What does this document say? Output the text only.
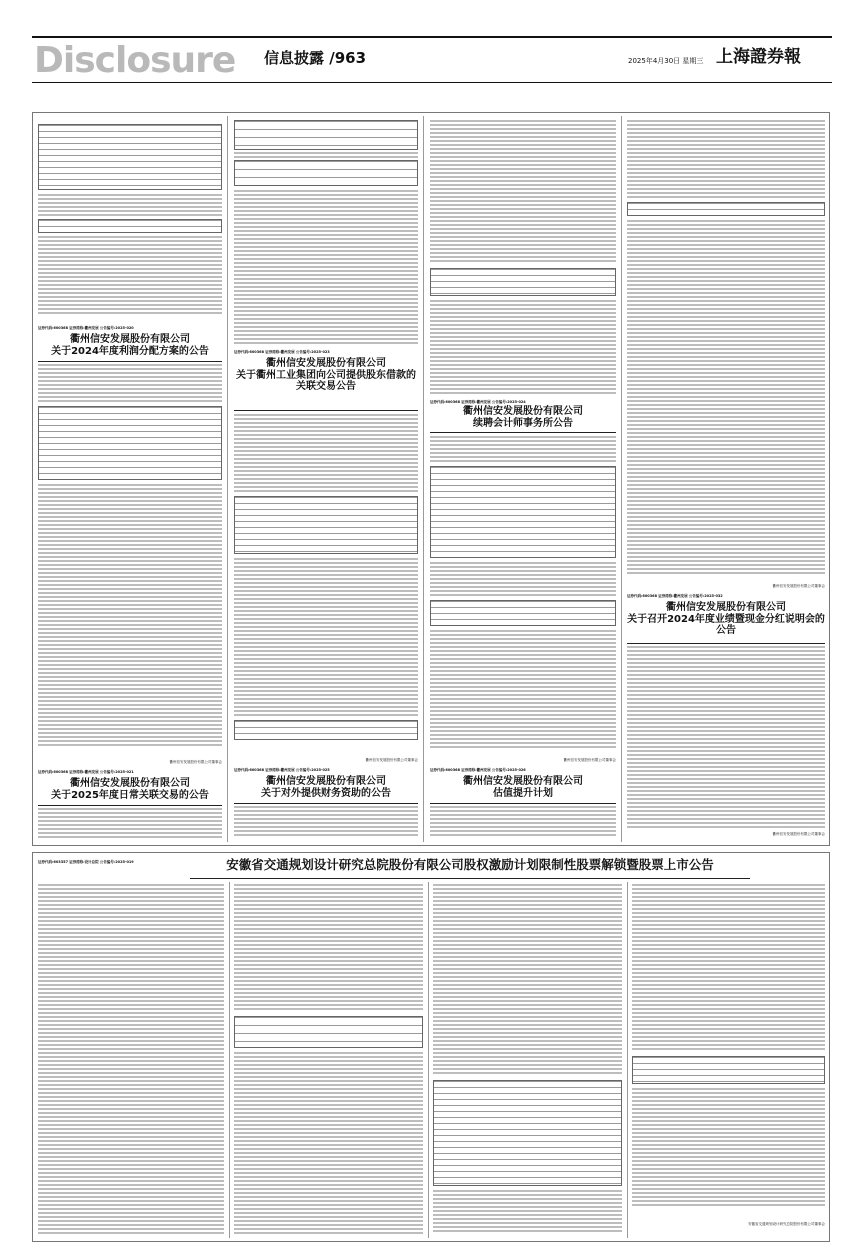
Disclosure 信息披露 /963	2025年4月30日 星期三 上海證券報
证券代码:600368 证券简称:衢州发展 公告编号:2025-020
衢州信安发展股份有限公司
关于2024年度利润分配方案的公告
衢州信安发展股份有限公司董事会
证券代码:600368 证券简称:衢州发展 公告编号:2025-021
衢州信安发展股份有限公司
关于2025年度日常关联交易的公告
证券代码:600368 证券简称:衢州发展 公告编号:2025-023
衢州信安发展股份有限公司
关于衢州工业集团向公司提供股东借款的关联交易公告
衢州信安发展股份有限公司董事会
证券代码:600368 证券简称:衢州发展 公告编号:2025-025
衢州信安发展股份有限公司
关于对外提供财务资助的公告
证券代码:600368 证券简称:衢州发展 公告编号:2025-024
衢州信安发展股份有限公司
续聘会计师事务所公告
衢州信安发展股份有限公司董事会
证券代码:600368 证券简称:衢州发展 公告编号:2025-026
衢州信安发展股份有限公司
估值提升计划
衢州信安发展股份有限公司董事会
证券代码:600368 证券简称:衢州发展 公告编号:2025-032
衢州信安发展股份有限公司
关于召开2024年度业绩暨现金分红说明会的公告
衢州信安发展股份有限公司董事会
证券代码:603357 证券简称:设计总院 公告编号:2025-019	安徽省交通规划设计研究总院股份有限公司股权激励计划限制性股票解锁暨股票上市公告
安徽省交通规划设计研究总院股份有限公司董事会
